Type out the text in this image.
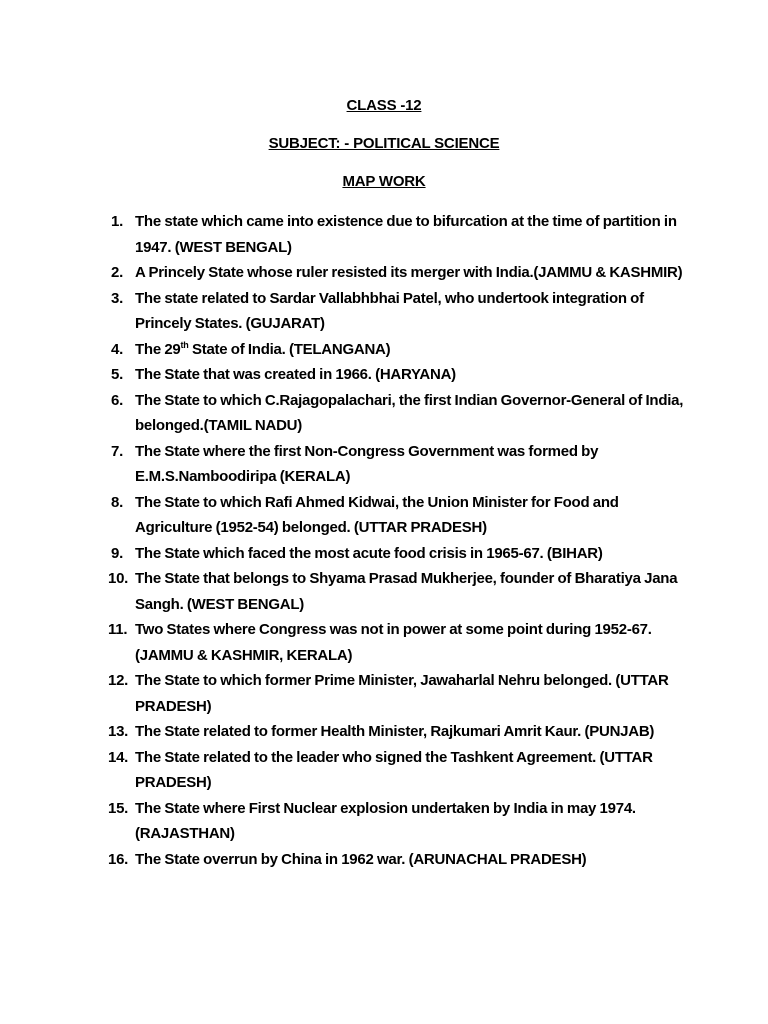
CLASS -12
SUBJECT: - POLITICAL SCIENCE
MAP WORK
1. The state which came into existence due to bifurcation at the time of partition in 1947. (WEST BENGAL)
2. A Princely State whose ruler resisted its merger with India.(JAMMU & KASHMIR)
3. The state related to Sardar Vallabhbhai Patel, who undertook integration of Princely States. (GUJARAT)
4. The 29th State of India. (TELANGANA)
5. The State that was created in 1966. (HARYANA)
6. The State to which C.Rajagopalachari, the first Indian Governor-General of India, belonged.(TAMIL NADU)
7. The State where the first Non-Congress Government was formed by E.M.S.Namboodiripa (KERALA)
8. The State to which Rafi Ahmed Kidwai, the Union Minister for Food and Agriculture (1952-54) belonged. (UTTAR PRADESH)
9. The State which faced the most acute food crisis in 1965-67. (BIHAR)
10. The State that belongs to Shyama Prasad Mukherjee, founder of Bharatiya Jana Sangh. (WEST BENGAL)
11. Two States where Congress was not in power at some point during 1952-67. (JAMMU & KASHMIR, KERALA)
12. The State to which former Prime Minister, Jawaharlal Nehru belonged. (UTTAR PRADESH)
13. The State related to former Health Minister, Rajkumari Amrit Kaur. (PUNJAB)
14. The State related to the leader who signed the Tashkent Agreement. (UTTAR PRADESH)
15. The State where First Nuclear explosion undertaken by India in may 1974. (RAJASTHAN)
16. The State overrun by China in 1962 war. (ARUNACHAL PRADESH)
